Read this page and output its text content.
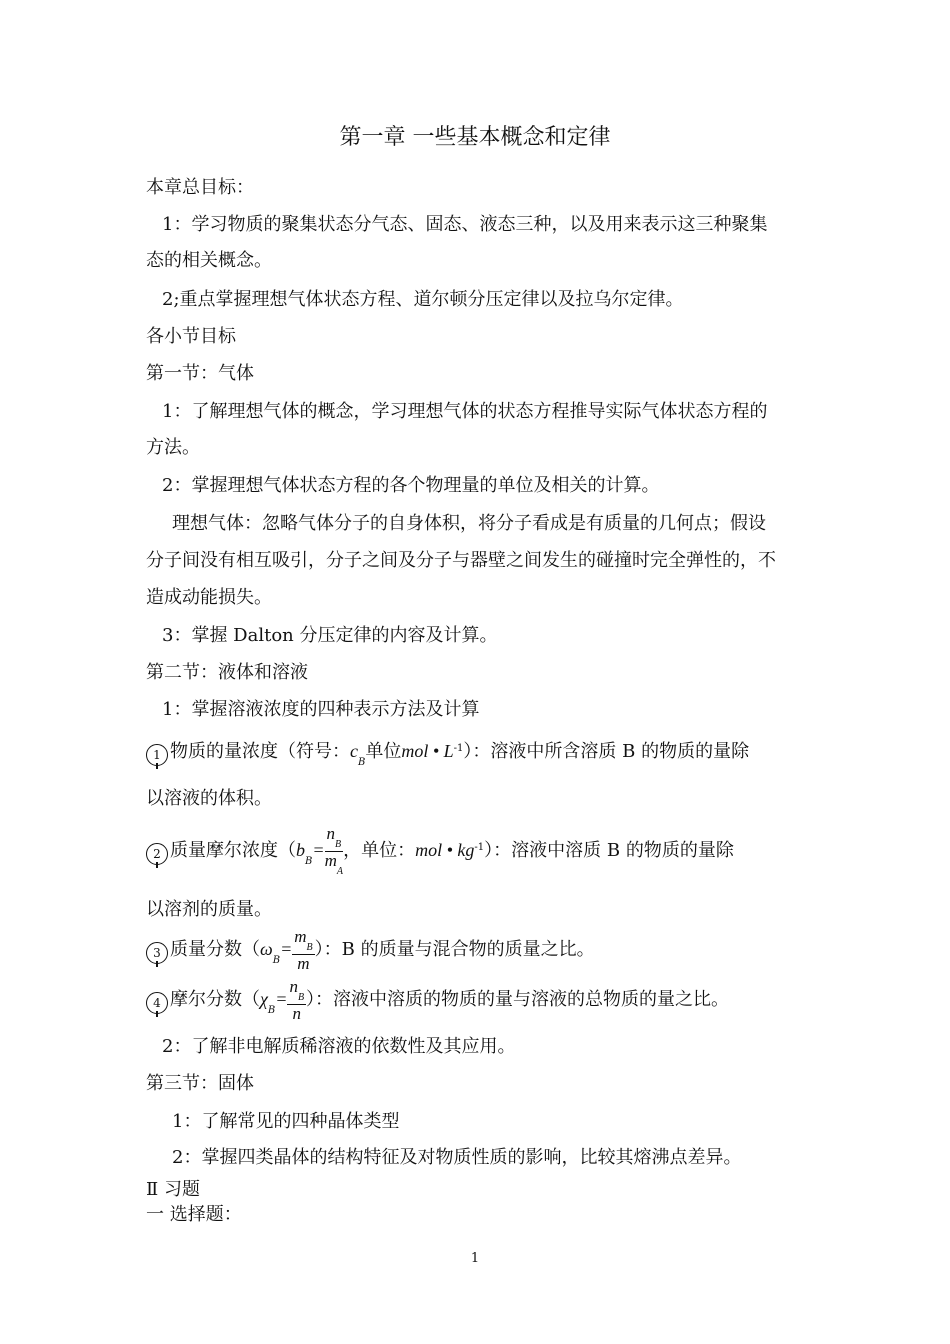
第一章 一些基本概念和定律
本章总目标：
1：学习物质的聚集状态分气态、固态、液态三种，以及用来表示这三种聚集
态的相关概念。
2;重点掌握理想气体状态方程、道尔顿分压定律以及拉乌尔定律。
各小节目标
第一节：气体
1：了解理想气体的概念，学习理想气体的状态方程推导实际气体状态方程的
方法。
2：掌握理想气体状态方程的各个物理量的单位及相关的计算。
理想气体：忽略气体分子的自身体积，将分子看成是有质量的几何点；假设
分子间没有相互吸引，分子之间及分子与器壁之间发生的碰撞时完全弹性的，不
造成动能损失。
3：掌握 Dalton 分压定律的内容及计算。
第二节：液体和溶液
1：掌握溶液浓度的四种表示方法及计算
1 物质的量浓度（符号：$c_B$单位mol • $L^{-1}$）：溶液中所含溶质 B 的物质的量除
以溶液的体积。
2 质量摩尔浓度（$b_B= \frac{n_B}{m_A}$ ，单位：mol • $kg^{-1}$）：溶液中溶质 B 的物质的量除
以溶剂的质量。
3 质量分数（$\omega_B= \frac{m_B}{m}$ ）：B 的质量与混合物的质量之比。
4 摩尔分数（$\chi_B= \frac{n_B}{n}$ ）：溶液中溶质的物质的量与溶液的总物质的量之比。
2：了解非电解质稀溶液的依数性及其应用。
第三节：固体
1：了解常见的四种晶体类型
2：掌握四类晶体的结构特征及对物质性质的影响，比较其熔沸点差异。
Ⅱ 习题
一 选择题：
1
